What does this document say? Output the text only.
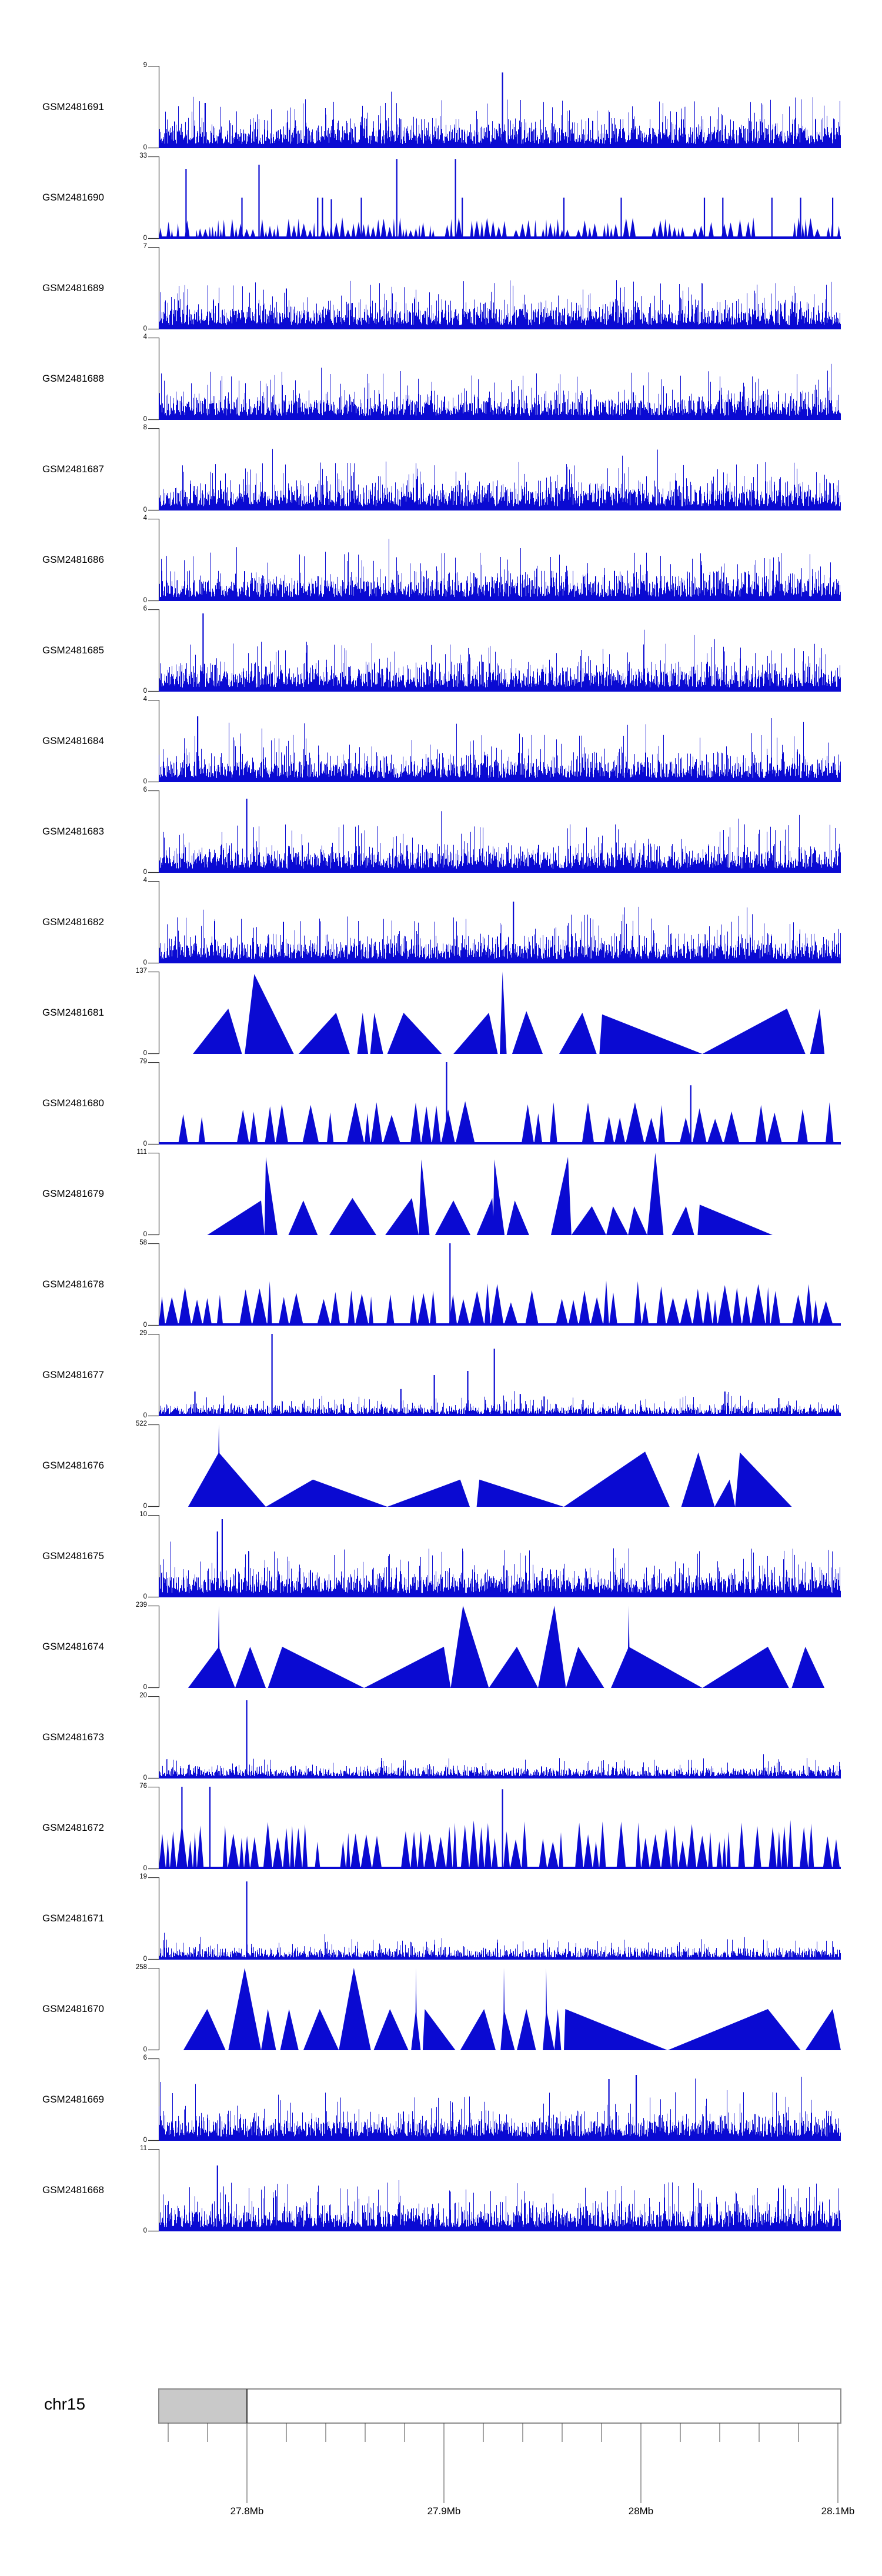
GSM2481691
9
0
GSM2481690
33
0
GSM2481689
7
0
GSM2481688
4
0
GSM2481687
8
0
GSM2481686
4
0
GSM2481685
6
0
GSM2481684
4
0
GSM2481683
6
0
GSM2481682
4
0
GSM2481681
137
0
GSM2481680
79
0
GSM2481679
111
0
GSM2481678
58
0
GSM2481677
29
0
GSM2481676
522
0
GSM2481675
10
0
GSM2481674
239
0
GSM2481673
20
0
GSM2481672
76
0
GSM2481671
19
0
GSM2481670
258
0
GSM2481669
6
0
GSM2481668
11
0
chr15
27.8Mb	27.9Mb	28Mb	28.1Mb
